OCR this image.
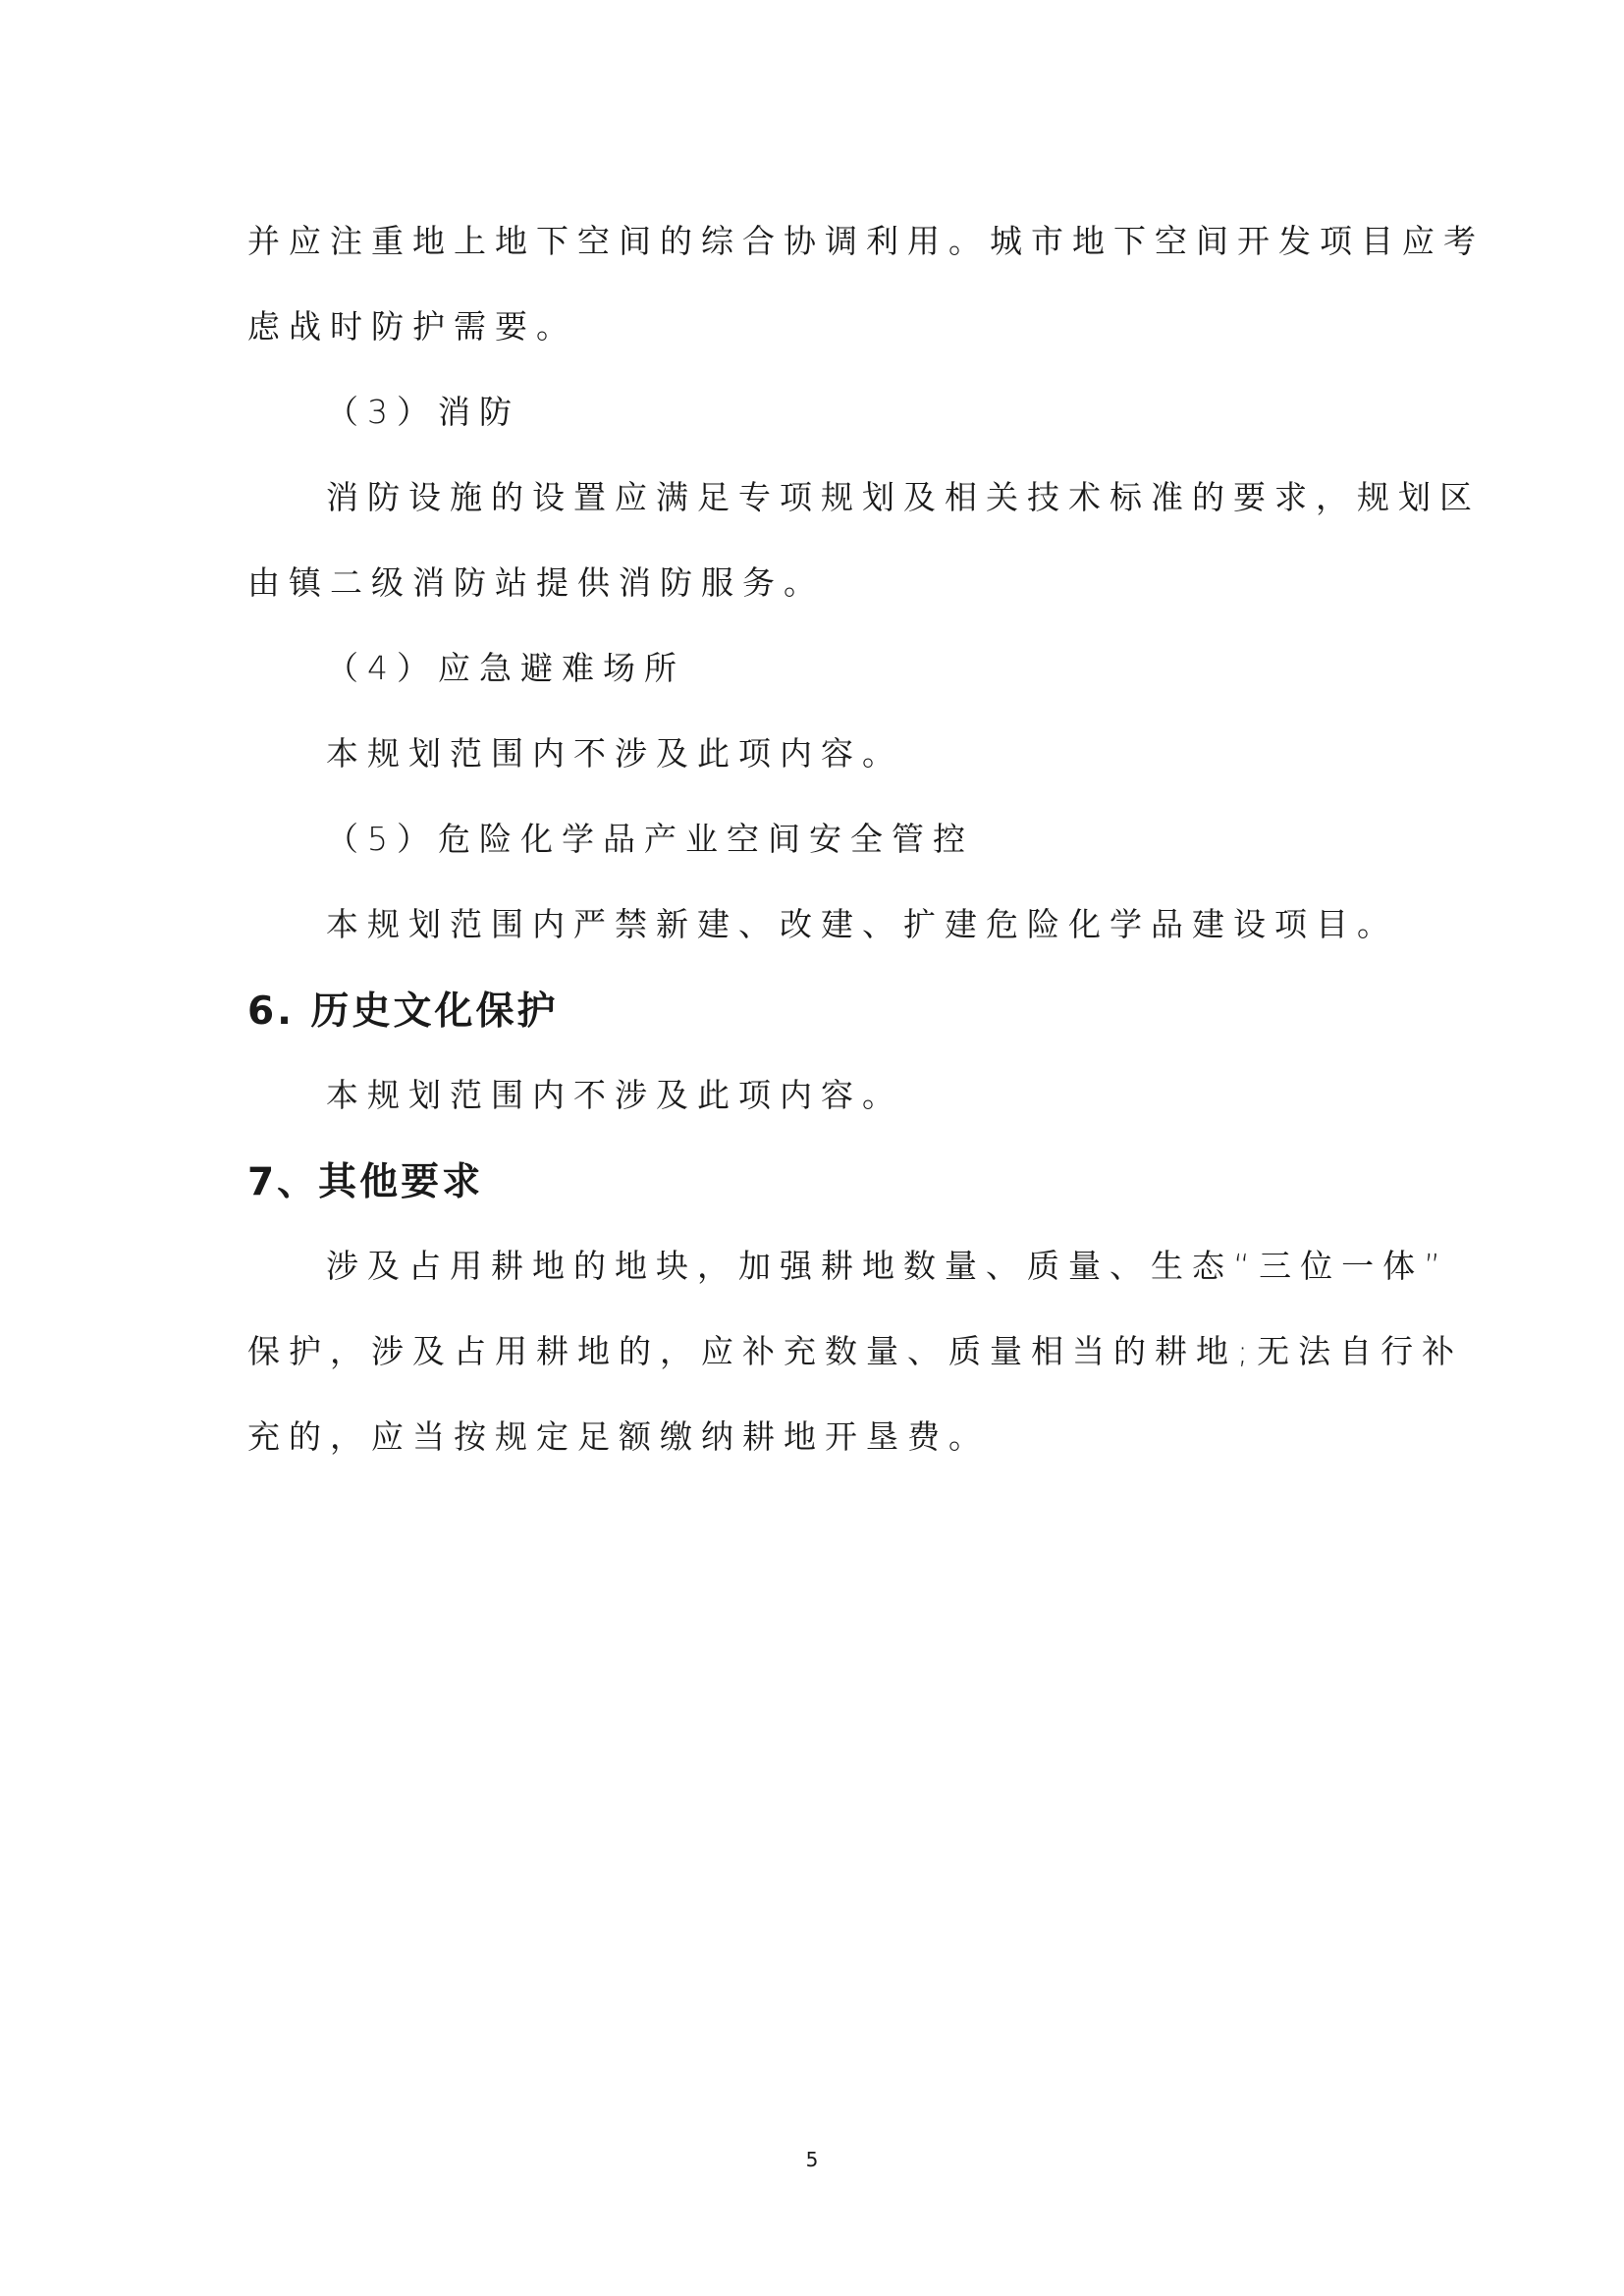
并应注重地上地下空间的综合协调利用。城市地下空间开发项目应考
虑战时防护需要。
（3）消防
消防设施的设置应满足专项规划及相关技术标准的要求，规划区
由镇二级消防站提供消防服务。
（4）应急避难场所
本规划范围内不涉及此项内容。
（5）危险化学品产业空间安全管控
本规划范围内严禁新建、改建、扩建危险化学品建设项目。
6. 历史文化保护
本规划范围内不涉及此项内容。
7、其他要求
涉及占用耕地的地块，加强耕地数量、质量、生态“三位一体”
保护，涉及占用耕地的，应补充数量、质量相当的耕地;无法自行补
充的，应当按规定足额缴纳耕地开垦费。
5
